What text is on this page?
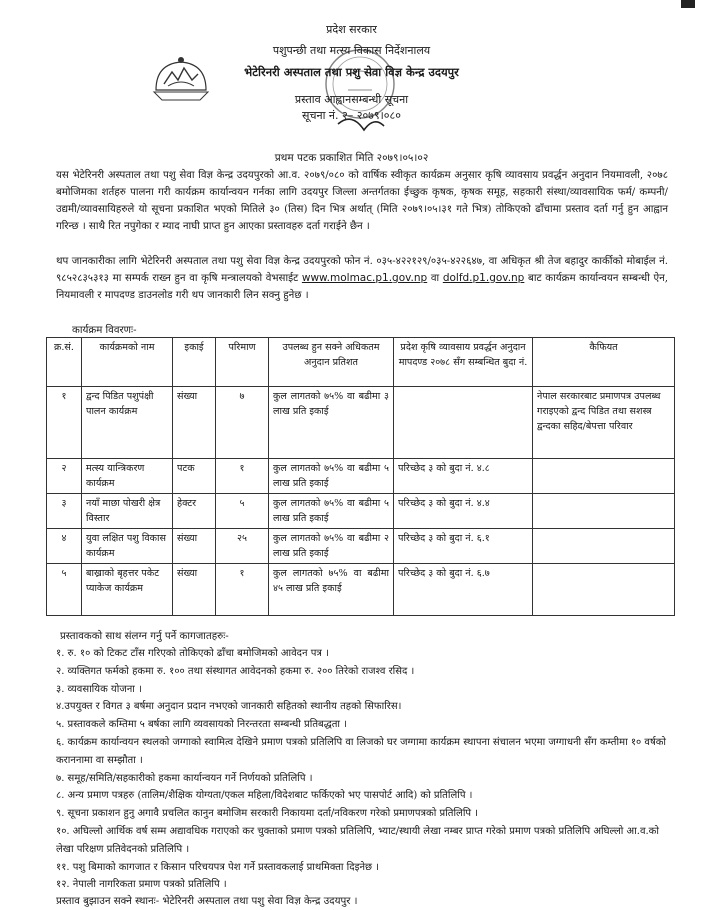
प्रदेश सरकार
पशुपन्छी तथा मत्स्य विकास निर्देशनालय
भेटेरिनरी अस्पताल तथा पशु सेवा विज्ञ केन्द्र उदयपुर
प्रस्ताव आह्वानसम्बन्धी सूचना
सूचना नं. २– २०७९।०८०
प्रथम पटक प्रकाशित मिति २०७९।०५।०२
यस भेटेरिनरी अस्पताल तथा पशु सेवा विज्ञ केन्द्र उदयपुरको आ.व. २०७९/०८० को वार्षिक स्वीकृत कार्यक्रम अनुसार कृषि व्यावसाय प्रवर्द्धन अनुदान नियमावली, २०७८ बमोजिमका शर्तहरु पालना गरी कार्यक्रम कार्यान्वयन गर्नका लागि उदयपुर जिल्ला अन्तर्गतका ईच्छुक कृषक, कृषक समूह, सहकारी संस्था/व्यावसायिक फर्म/ कम्पनी/उद्यमी/व्यावसायिहरुले यो सूचना प्रकाशित भएको मितिले ३० (तिस) दिन भित्र अर्थात् (मिति २०७९।०५।३१ गते भित्र) तोकिएको ढाँचामा प्रस्ताव दर्ता गर्नु हुन आह्वान गरिन्छ । साथै रित नपुगेका र म्याद नाघी प्राप्त हुन आएका प्रस्तावहरु दर्ता गराईने छैन ।
थप जानकारीका लागि भेटेरिनरी अस्पताल तथा पशु सेवा विज्ञ केन्द्र उदयपुरको फोन नं. ०३५-४२२१२९/०३५-४२२६४७, वा अधिकृत श्री तेज बहादुर कार्कीको मोबाईल नं. ९८५२८३५३१३ मा सम्पर्क राख्न हुन वा कृषि मन्त्रालयको वेभसाईट www.molmac.p1.gov.np वा dolfd.p1.gov.np बाट कार्यक्रम कार्यान्वयन सम्बन्धी ऐन, नियमावली र मापदण्ड डाउनलोड गरी थप जानकारी लिन सक्नु हुनेछ ।
कार्यक्रम विवरणः-
क्र.सं.	कार्यक्रमको नाम	इकाई	परिमाण	उपलब्ध हुन सक्ने अधिकतम अनुदान प्रतिशत	प्रदेश कृषि व्यावसाय प्रवर्द्धन अनुदान मापदण्ड २०७८ सँग सम्बन्धित बुदा नं.	कैफियत
१	द्वन्द पिडित पशुपंक्षी पालन कार्यक्रम	संख्या	७	कुल लागतको ७५% वा बढीमा ३ लाख प्रति इकाई		नेपाल सरकारबाट प्रमाणपत्र उपलब्ध गराइएको द्वन्द पिडित तथा सशस्त्र द्वन्दका सहिद/बेपत्ता परिवार
२	मत्स्य यान्त्रिकरण कार्यक्रम	पटक	१	कुल लागतको ७५% वा बढीमा ५ लाख प्रति इकाई	परिच्छेद ३ को बुदा नं. ४.८	
३	नयाँ माछा पोखरी क्षेत्र विस्तार	हेक्टर	५	कुल लागतको ७५% वा बढीमा ५ लाख प्रति इकाई	परिच्छेद ३ को बुदा नं. ४.४	
४	युवा लक्षित पशु विकास कार्यक्रम	संख्या	२५	कुल लागतको ७५% वा बढीमा २ लाख प्रति इकाई	परिच्छेद ३ को बुदा नं. ६.१	
५	बाख्राको बृहत्तर पकेट प्याकेज कार्यक्रम	संख्या	१	कुल लागतको ७५% वा बढीमा ४५ लाख प्रति इकाई	परिच्छेद ३ को बुदा नं. ६.७	
प्रस्तावकको साथ संलग्न गर्नु पर्ने कागजातहरुः-
१. रु. १० को टिकट टाँस गरिएको तोकिएको ढाँचा बमोजिमको आवेदन पत्र ।
२. व्यक्तिगत फर्मको हकमा रु. १०० तथा संस्थागत आवेदनको हकमा रु. २०० तिरेको राजश्व रसिद ।
३. व्यवसायिक योजना ।
४.उपयुक्त र विगत ३ बर्षमा अनुदान प्रदान नभएको जानकारी सहितको स्थानीय तहको सिफारिस।
५. प्रस्तावकले कम्तिमा ५ बर्षका लागि व्यवसायको निरन्तरता सम्बन्धी प्रतिबद्धता ।
६. कार्यक्रम कार्यान्वयन स्थलको जग्गाको स्वामित्व देखिने प्रमाण पत्रको प्रतिलिपि वा लिजको घर जग्गामा कार्यक्रम स्थापना संचालन भएमा जग्गाधनी सँग कम्तीमा १० वर्षको कराननामा वा सम्झौता ।
७. समूह/समिति/सहकारीको हकमा कार्यान्वयन गर्ने निर्णयको प्रतिलिपि ।
८. अन्य प्रमाण पत्रहरु (तालिम/शैक्षिक योग्यता/एकल महिला/विदेशबाट फर्किएको भए पासपोर्ट आदि) को प्रतिलिपि ।
९. सूचना प्रकाशन हुनु अगावै प्रचलित कानुन बमोजिम सरकारी निकायमा दर्ता/नविकरण गरेको प्रमाणपत्रको प्रतिलिपि ।
१०. अघिल्लो आर्थिक वर्ष सम्म अद्यावधिक गराएको कर चुक्ताको प्रमाण पत्रको प्रतिलिपि, भ्याट/स्थायी लेखा नम्बर प्राप्त गरेको प्रमाण पत्रको प्रतिलिपि अघिल्लो आ.व.को लेखा परिक्षण प्रतिवेदनको प्रतिलिपि ।
११. पशु बिमाको कागजात र किसान परिचयपत्र पेश गर्ने प्रस्तावकलाई प्राथमिक्ता दिइनेछ ।
१२. नेपाली नागरिकता प्रमाण पत्रको प्रतिलिपि ।
प्रस्ताव बुझाउन सक्ने स्थानः- भेटेरिनरी अस्पताल तथा पशु सेवा विज्ञ केन्द्र उदयपुर ।
